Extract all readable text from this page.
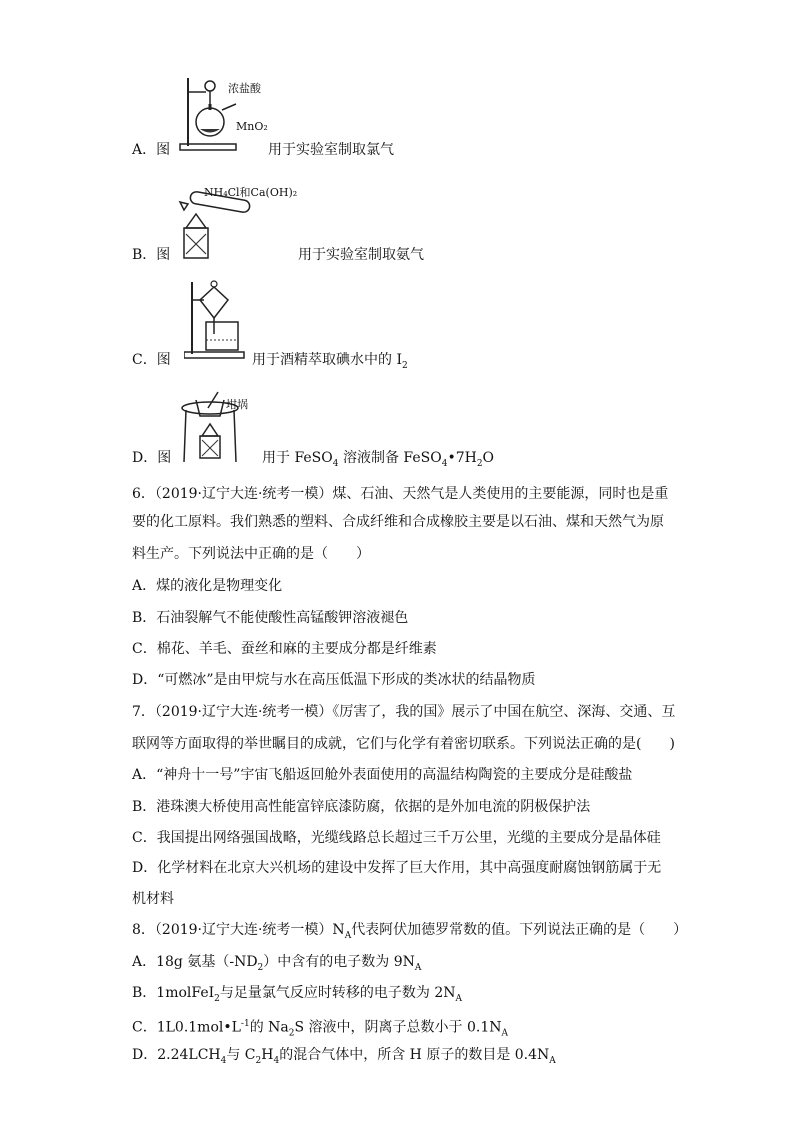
浓盐酸
MnO₂
A．图	用于实验室制取氯气
NH₄Cl和Ca(OH)₂
B．图	用于实验室制取氨气
C．图	用于酒精萃取碘水中的 $I_2$
坩埚
D．图	用于 FeSO$_4$ 溶液制备 $FeSO_4•7H_2O$
6．（2019·辽宁大连·统考一模）煤、石油、天然气是人类使用的主要能源，同时也是重
要的化工原料。我们熟悉的塑料、合成纤维和合成橡胶主要是以石油、煤和天然气为原
料生产。下列说法中正确的是（　　）
A．煤的液化是物理变化
B．石油裂解气不能使酸性高锰酸钾溶液褪色
C．棉花、羊毛、蚕丝和麻的主要成分都是纤维素
D．“可燃冰”是由甲烷与水在高压低温下形成的类冰状的结晶物质
7．（2019·辽宁大连·统考一模）《厉害了，我的国》展示了中国在航空、深海、交通、互
联网等方面取得的举世瞩目的成就，它们与化学有着密切联系。下列说法正确的是(　　)
A．“神舟十一号”宇宙飞船返回舱外表面使用的高温结构陶瓷的主要成分是硅酸盐
B．港珠澳大桥使用高性能富锌底漆防腐，依据的是外加电流的阴极保护法
C．我国提出网络强国战略，光缆线路总长超过三千万公里，光缆的主要成分是晶体硅
D．化学材料在北京大兴机场的建设中发挥了巨大作用，其中高强度耐腐蚀钢筋属于无
机材料
8．（2019·辽宁大连·统考一模）$N_A$代表阿伏加德罗常数的值。下列说法正确的是（　　）
A．18g 氨基$(-ND_2)$中含有的电子数为 $9N_A$
B．1molFeI$_2$与足量氯气反应时转移的电子数为 $2N_A$
C．$1L0.1mol•L^{-1}$的 $Na_2S$ 溶液中，阴离子总数小于 $0.1N_A$
D．$2.24LCH_4$与 $C_2H_4$的混合气体中，所含 H 原子的数目是 $0.4N_A$
